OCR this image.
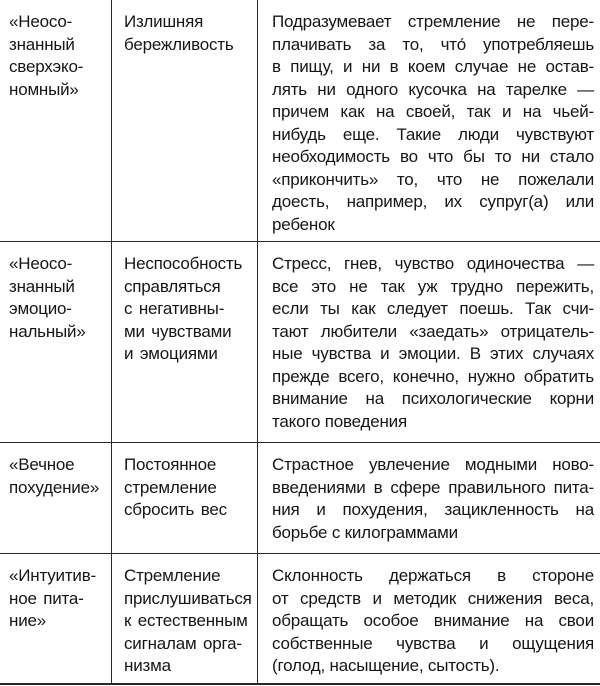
«Неосо-
знанный
сверхэко-
номный»
Излишняя
бережливость
Подразумевает стремление не пере-
плачивать за то, что́ употребляешь
в пищу, и ни в коем случае не остав-
лять ни одного кусочка на тарелке —
причем как на своей, так и на чьей-
нибудь еще. Такие люди чувствуют
необходимость во что бы то ни стало
«прикончить» то, что не пожелали
доесть, например, их супруг(а) или
ребенок
«Неосо-
знанный
эмоцио-
нальный»
Неспособность
справляться
с негативны-
ми чувствами
и эмоциями
Стресс, гнев, чувство одиночества —
все это не так уж трудно пережить,
если ты как следует поешь. Так счи-
тают любители «заедать» отрицатель-
ные чувства и эмоции. В этих случаях
прежде всего, конечно, нужно обратить
внимание на психологические корни
такого поведения
«Вечное
похудение»
Постоянное
стремление
сбросить вес
Страстное увлечение модными ново-
введениями в сфере правильного пита-
ния и похудения, зацикленность на
борьбе с килограммами
«Интуитив-
ное пита-
ние»
Стремление
прислушиваться
к естественным
сигналам орга-
низма
Склонность держаться в стороне
от средств и методик снижения веса,
обращать особое внимание на свои
собственные чувства и ощущения
(голод, насыщение, сытость).
